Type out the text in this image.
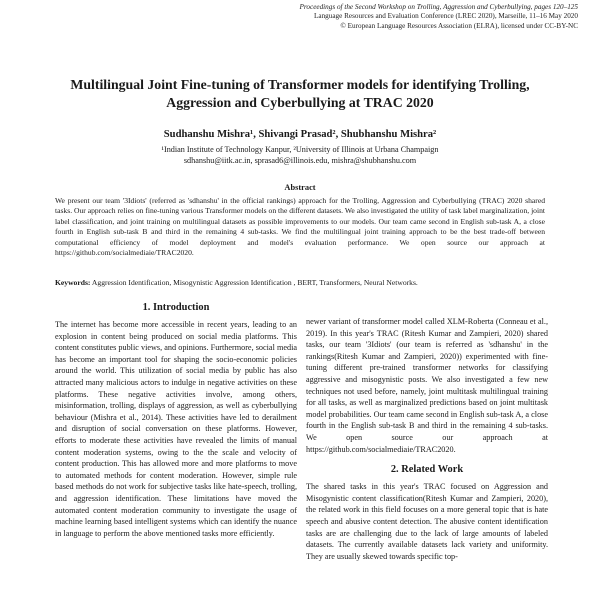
Proceedings of the Second Workshop on Trolling, Aggression and Cyberbullying, pages 120–125
Language Resources and Evaluation Conference (LREC 2020), Marseille, 11–16 May 2020
© European Language Resources Association (ELRA), licensed under CC-BY-NC
Multilingual Joint Fine-tuning of Transformer models for identifying Trolling,
Aggression and Cyberbullying at TRAC 2020
Sudhanshu Mishra¹, Shivangi Prasad², Shubhanshu Mishra²
¹Indian Institute of Technology Kanpur, ²University of Illinois at Urbana Champaign
sdhanshu@iitk.ac.in, sprasad6@illinois.edu, mishra@shubhanshu.com
Abstract
We present our team '3Idiots' (referred as 'sdhanshu' in the official rankings) approach for the Trolling, Aggression and Cyberbullying (TRAC) 2020 shared tasks. Our approach relies on fine-tuning various Transformer models on the different datasets. We also investigated the utility of task label marginalization, joint label classification, and joint training on multilingual datasets as possible improvements to our models. Our team came second in English sub-task A, a close fourth in English sub-task B and third in the remaining 4 sub-tasks. We find the multilingual joint training approach to be the best trade-off between computational efficiency of model deployment and model's evaluation performance. We open source our approach at https://github.com/socialmediaie/TRAC2020.
Keywords: Aggression Identification, Misogynistic Aggression Identification , BERT, Transformers, Neural Networks.
1. Introduction

The internet has become more accessible in recent years, leading to an explosion in content being produced on social media platforms. This content constitutes public views, and opinions. Furthermore, social media has become an important tool for shaping the socio-economic policies around the world. This utilization of social media by public has also attracted many malicious actors to indulge in negative activities on these platforms. These negative activities involve, among others, misinformation, trolling, displays of aggression, as well as cyberbullying behaviour (Mishra et al., 2014). These activities have led to derailment and disruption of social conversation on these platforms. However, efforts to moderate these activities have revealed the limits of manual content moderation systems, owing to the the scale and velocity of content production. This has allowed more and more platforms to move to automated methods for content moderation. However, simple rule based methods do not work for subjective tasks like hate-speech, trolling, and aggression identification. These limitations have moved the automated content moderation community to investigate the usage of machine learning based intelligent systems which can identify the nuance in language to perform the above mentioned tasks more efficiently.

newer variant of transformer model called XLM-Roberta (Conneau et al., 2019). In this year's TRAC (Ritesh Kumar and Zampieri, 2020) shared tasks, our team '3Idiots' (our team is referred as 'sdhanshu' in the rankings(Ritesh Kumar and Zampieri, 2020)) experimented with fine-tuning different pre-trained transformer networks for classifying aggressive and misogynistic posts. We also investigated a few new techniques not used before, namely, joint multitask multilingual training for all tasks, as well as marginalized predictions based on joint multitask model probabilities. Our team came second in English sub-task A, a close fourth in the English sub-task B and third in the remaining 4 sub-tasks. We open source our approach at https://github.com/socialmediaie/TRAC2020.

2. Related Work

The shared tasks in this year's TRAC focused on Aggression and Misogynistic content classification(Ritesh Kumar and Zampieri, 2020), the related work in this field focuses on a more general topic that is hate speech and abusive content detection. The abusive content identification tasks are are challenging due to the lack of large amounts of labeled datasets. The currently available datasets lack variety and uniformity. They are usually skewed towards specific top-
